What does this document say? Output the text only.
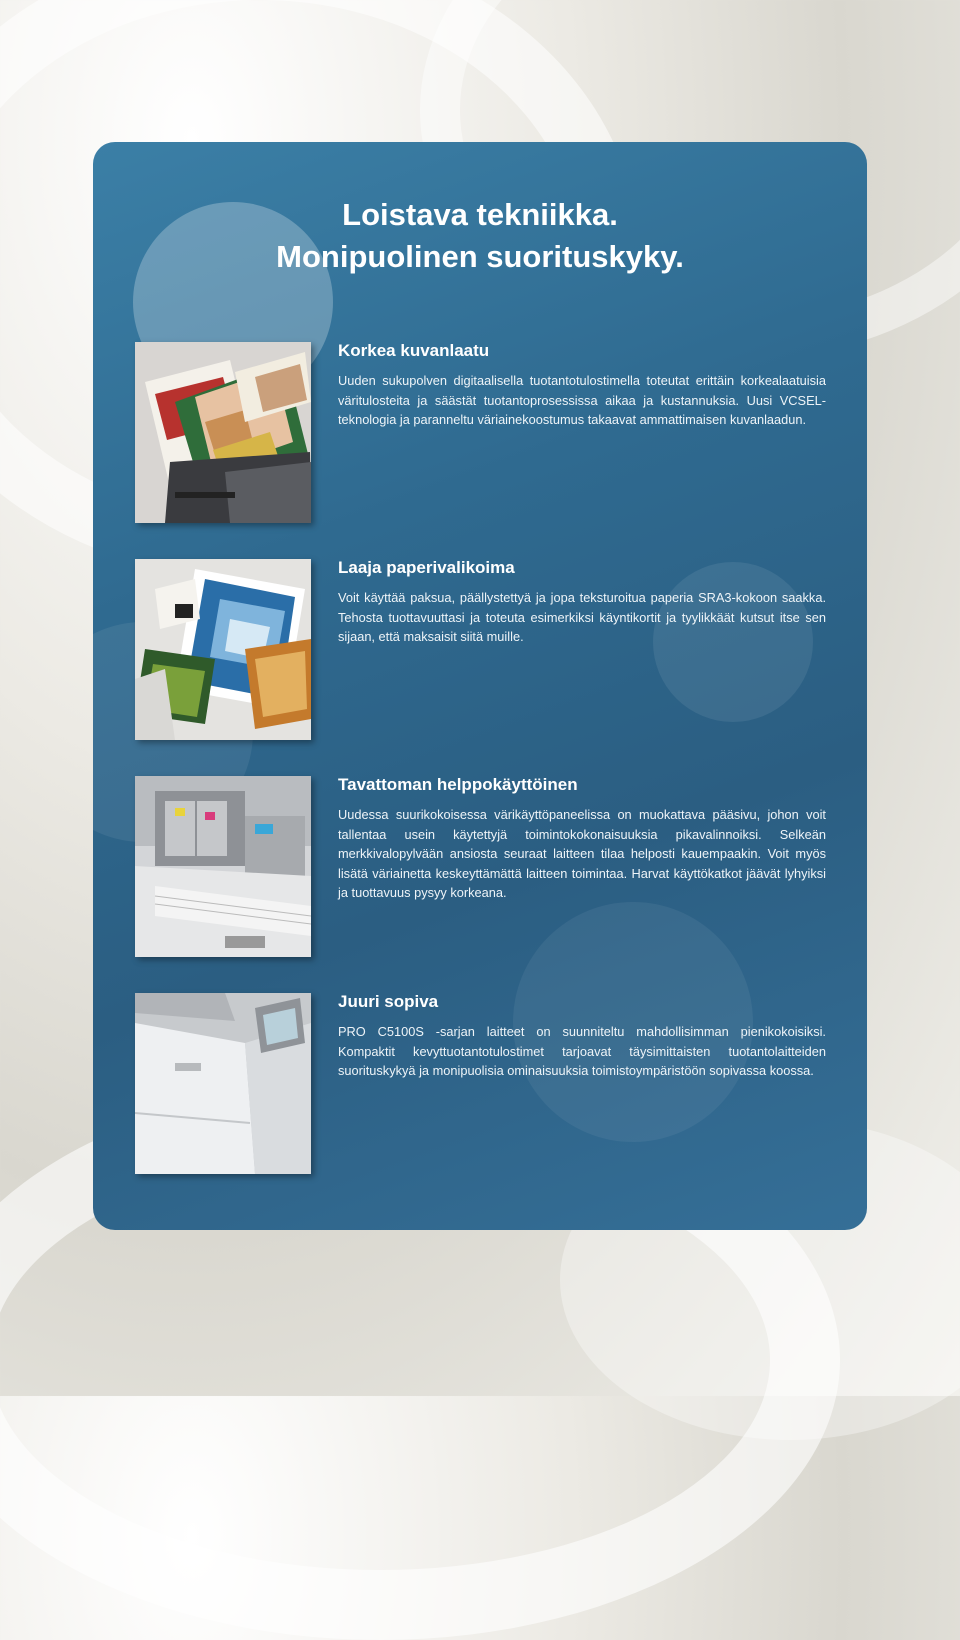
Loistava tekniikka.
Monipuolinen suorituskyky.
Korkea kuvanlaatu

Uuden sukupolven digitaalisella tuotantotulostimella toteutat erittäin korkealaatuisia väritulosteita ja säästät tuotantoprosessissa aikaa ja kustannuksia. Uusi VCSEL-teknologia ja paranneltu väriainekoostumus takaavat ammattimaisen kuvanlaadun.

Laaja paperivalikoima

Voit käyttää paksua, päällystettyä ja jopa teksturoitua paperia SRA3-kokoon saakka. Tehosta tuottavuuttasi ja toteuta esimerkiksi käyntikortit ja tyylikkäät kutsut itse sen sijaan, että maksaisit siitä muille.

Tavattoman helppokäyttöinen

Uudessa suurikokoisessa värikäyttöpaneelissa on muokattava pääsivu, johon voit tallentaa usein käytettyjä toimintokokonaisuuksia pikavalinnoiksi. Selkeän merkkivalopylvään ansiosta seuraat laitteen tilaa helposti kauempaakin. Voit myös lisätä väriainetta keskeyttämättä laitteen toimintaa. Harvat käyttökatkot jäävät lyhyiksi ja tuottavuus pysyy korkeana.

Juuri sopiva

PRO C5100S -sarjan laitteet on suunniteltu mahdollisimman pienikokoisiksi. Kompaktit kevyttuotantotulostimet tarjoavat täysimittaisten tuotantolaitteiden suorituskykyä ja monipuolisia ominaisuuksia toimistoympäristöön sopivassa koossa.
